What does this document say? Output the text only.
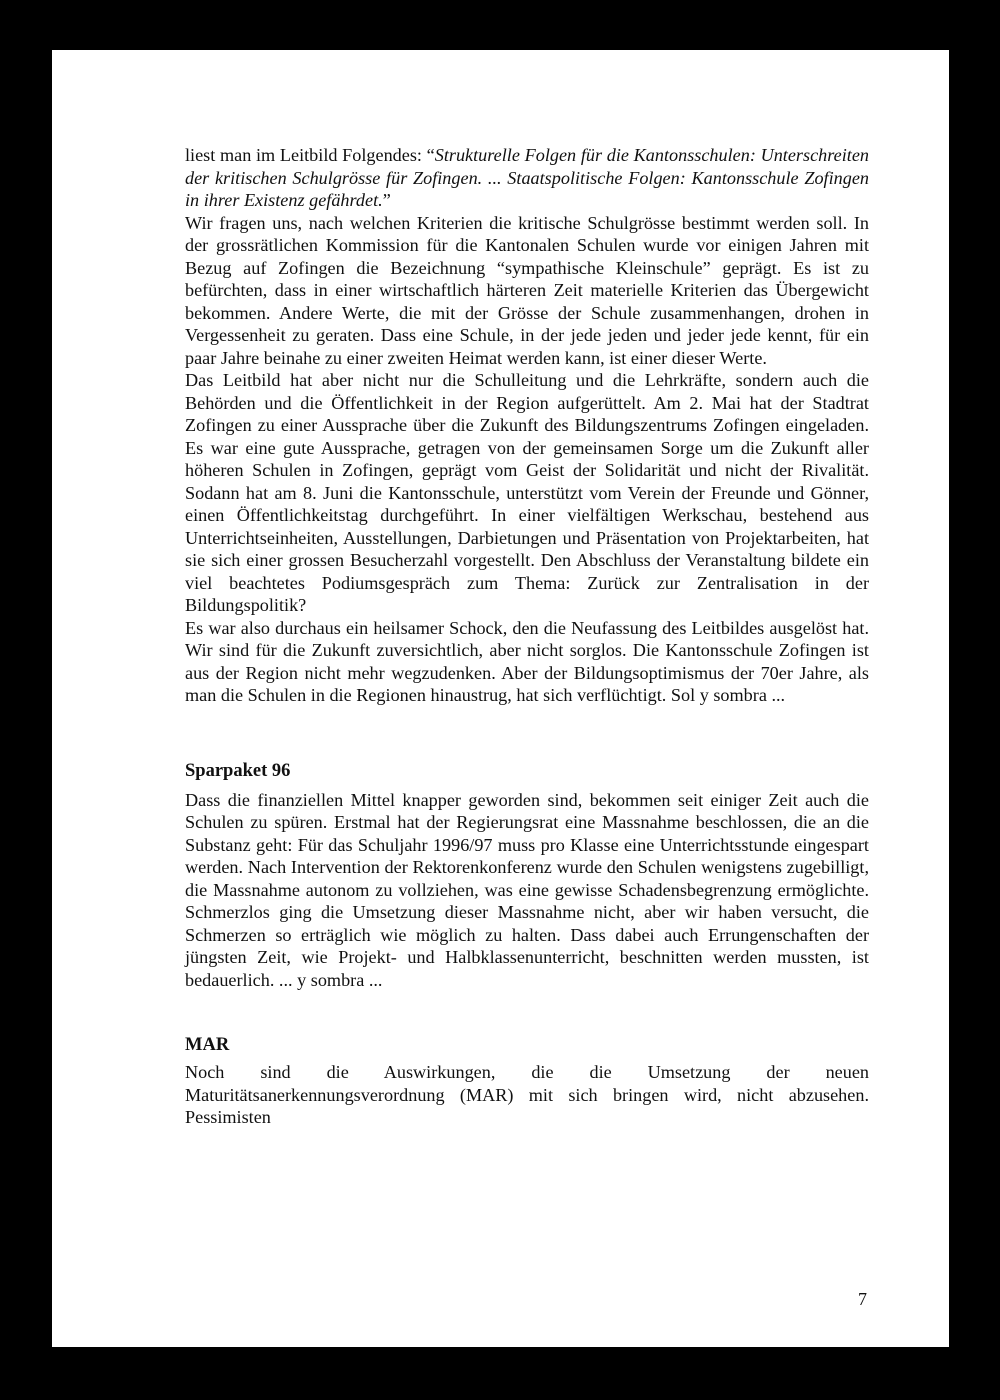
liest man im Leitbild Folgendes: “Strukturelle Folgen für die Kantonsschulen: Unterschreiten der kritischen Schulgrösse für Zofingen. ... Staatspolitische Folgen: Kantonsschule Zofingen in ihrer Existenz gefährdet.”

Wir fragen uns, nach welchen Kriterien die kritische Schulgrösse bestimmt werden soll. In der grossrätlichen Kommission für die Kantonalen Schulen wurde vor einigen Jahren mit Bezug auf Zofingen die Bezeichnung “sympathische Kleinschule” geprägt. Es ist zu befürchten, dass in einer wirtschaftlich härteren Zeit materielle Kriterien das Übergewicht bekommen. Andere Werte, die mit der Grösse der Schule zusammenhangen, drohen in Vergessenheit zu geraten. Dass eine Schule, in der jede jeden und jeder jede kennt, für ein paar Jahre beinahe zu einer zweiten Heimat werden kann, ist einer dieser Werte.

Das Leitbild hat aber nicht nur die Schulleitung und die Lehrkräfte, sondern auch die Behörden und die Öffentlichkeit in der Region aufgerüttelt. Am 2. Mai hat der Stadtrat Zofingen zu einer Aussprache über die Zukunft des Bildungszentrums Zofingen eingeladen. Es war eine gute Aussprache, getragen von der gemeinsamen Sorge um die Zukunft aller höheren Schulen in Zofingen, geprägt vom Geist der Solidarität und nicht der Rivalität. Sodann hat am 8. Juni die Kantonsschule, unterstützt vom Verein der Freunde und Gönner, einen Öffentlichkeitstag durchgeführt. In einer vielfältigen Werkschau, bestehend aus Unterrichtseinheiten, Ausstellungen, Darbietungen und Präsentation von Projektarbeiten, hat sie sich einer grossen Besucherzahl vorgestellt. Den Abschluss der Veranstaltung bildete ein viel beachtetes Podiumsgespräch zum Thema: Zurück zur Zentralisation in der Bildungspolitik?

Es war also durchaus ein heilsamer Schock, den die Neufassung des Leitbildes ausgelöst hat. Wir sind für die Zukunft zuversichtlich, aber nicht sorglos. Die Kantonsschule Zofingen ist aus der Region nicht mehr wegzudenken. Aber der Bildungsoptimismus der 70er Jahre, als man die Schulen in die Regionen hinaustrug, hat sich verflüchtigt. Sol y sombra ...

Sparpaket 96

Dass die finanziellen Mittel knapper geworden sind, bekommen seit einiger Zeit auch die Schulen zu spüren. Erstmal hat der Regierungsrat eine Massnahme beschlossen, die an die Substanz geht: Für das Schuljahr 1996/97 muss pro Klasse eine Unterrichtsstunde eingespart werden. Nach Intervention der Rektorenkonferenz wurde den Schulen wenigstens zugebilligt, die Massnahme autonom zu vollziehen, was eine gewisse Schadensbegrenzung ermöglichte. Schmerzlos ging die Umsetzung dieser Massnahme nicht, aber wir haben versucht, die Schmerzen so erträglich wie möglich zu halten. Dass dabei auch Errungenschaften der jüngsten Zeit, wie Projekt- und Halbklassenunterricht, beschnitten werden mussten, ist bedauerlich. ... y sombra ...

MAR

Noch sind die Auswirkungen, die die Umsetzung der neuen Maturitätsanerkennungsverordnung (MAR) mit sich bringen wird, nicht abzusehen. Pessimisten

7
